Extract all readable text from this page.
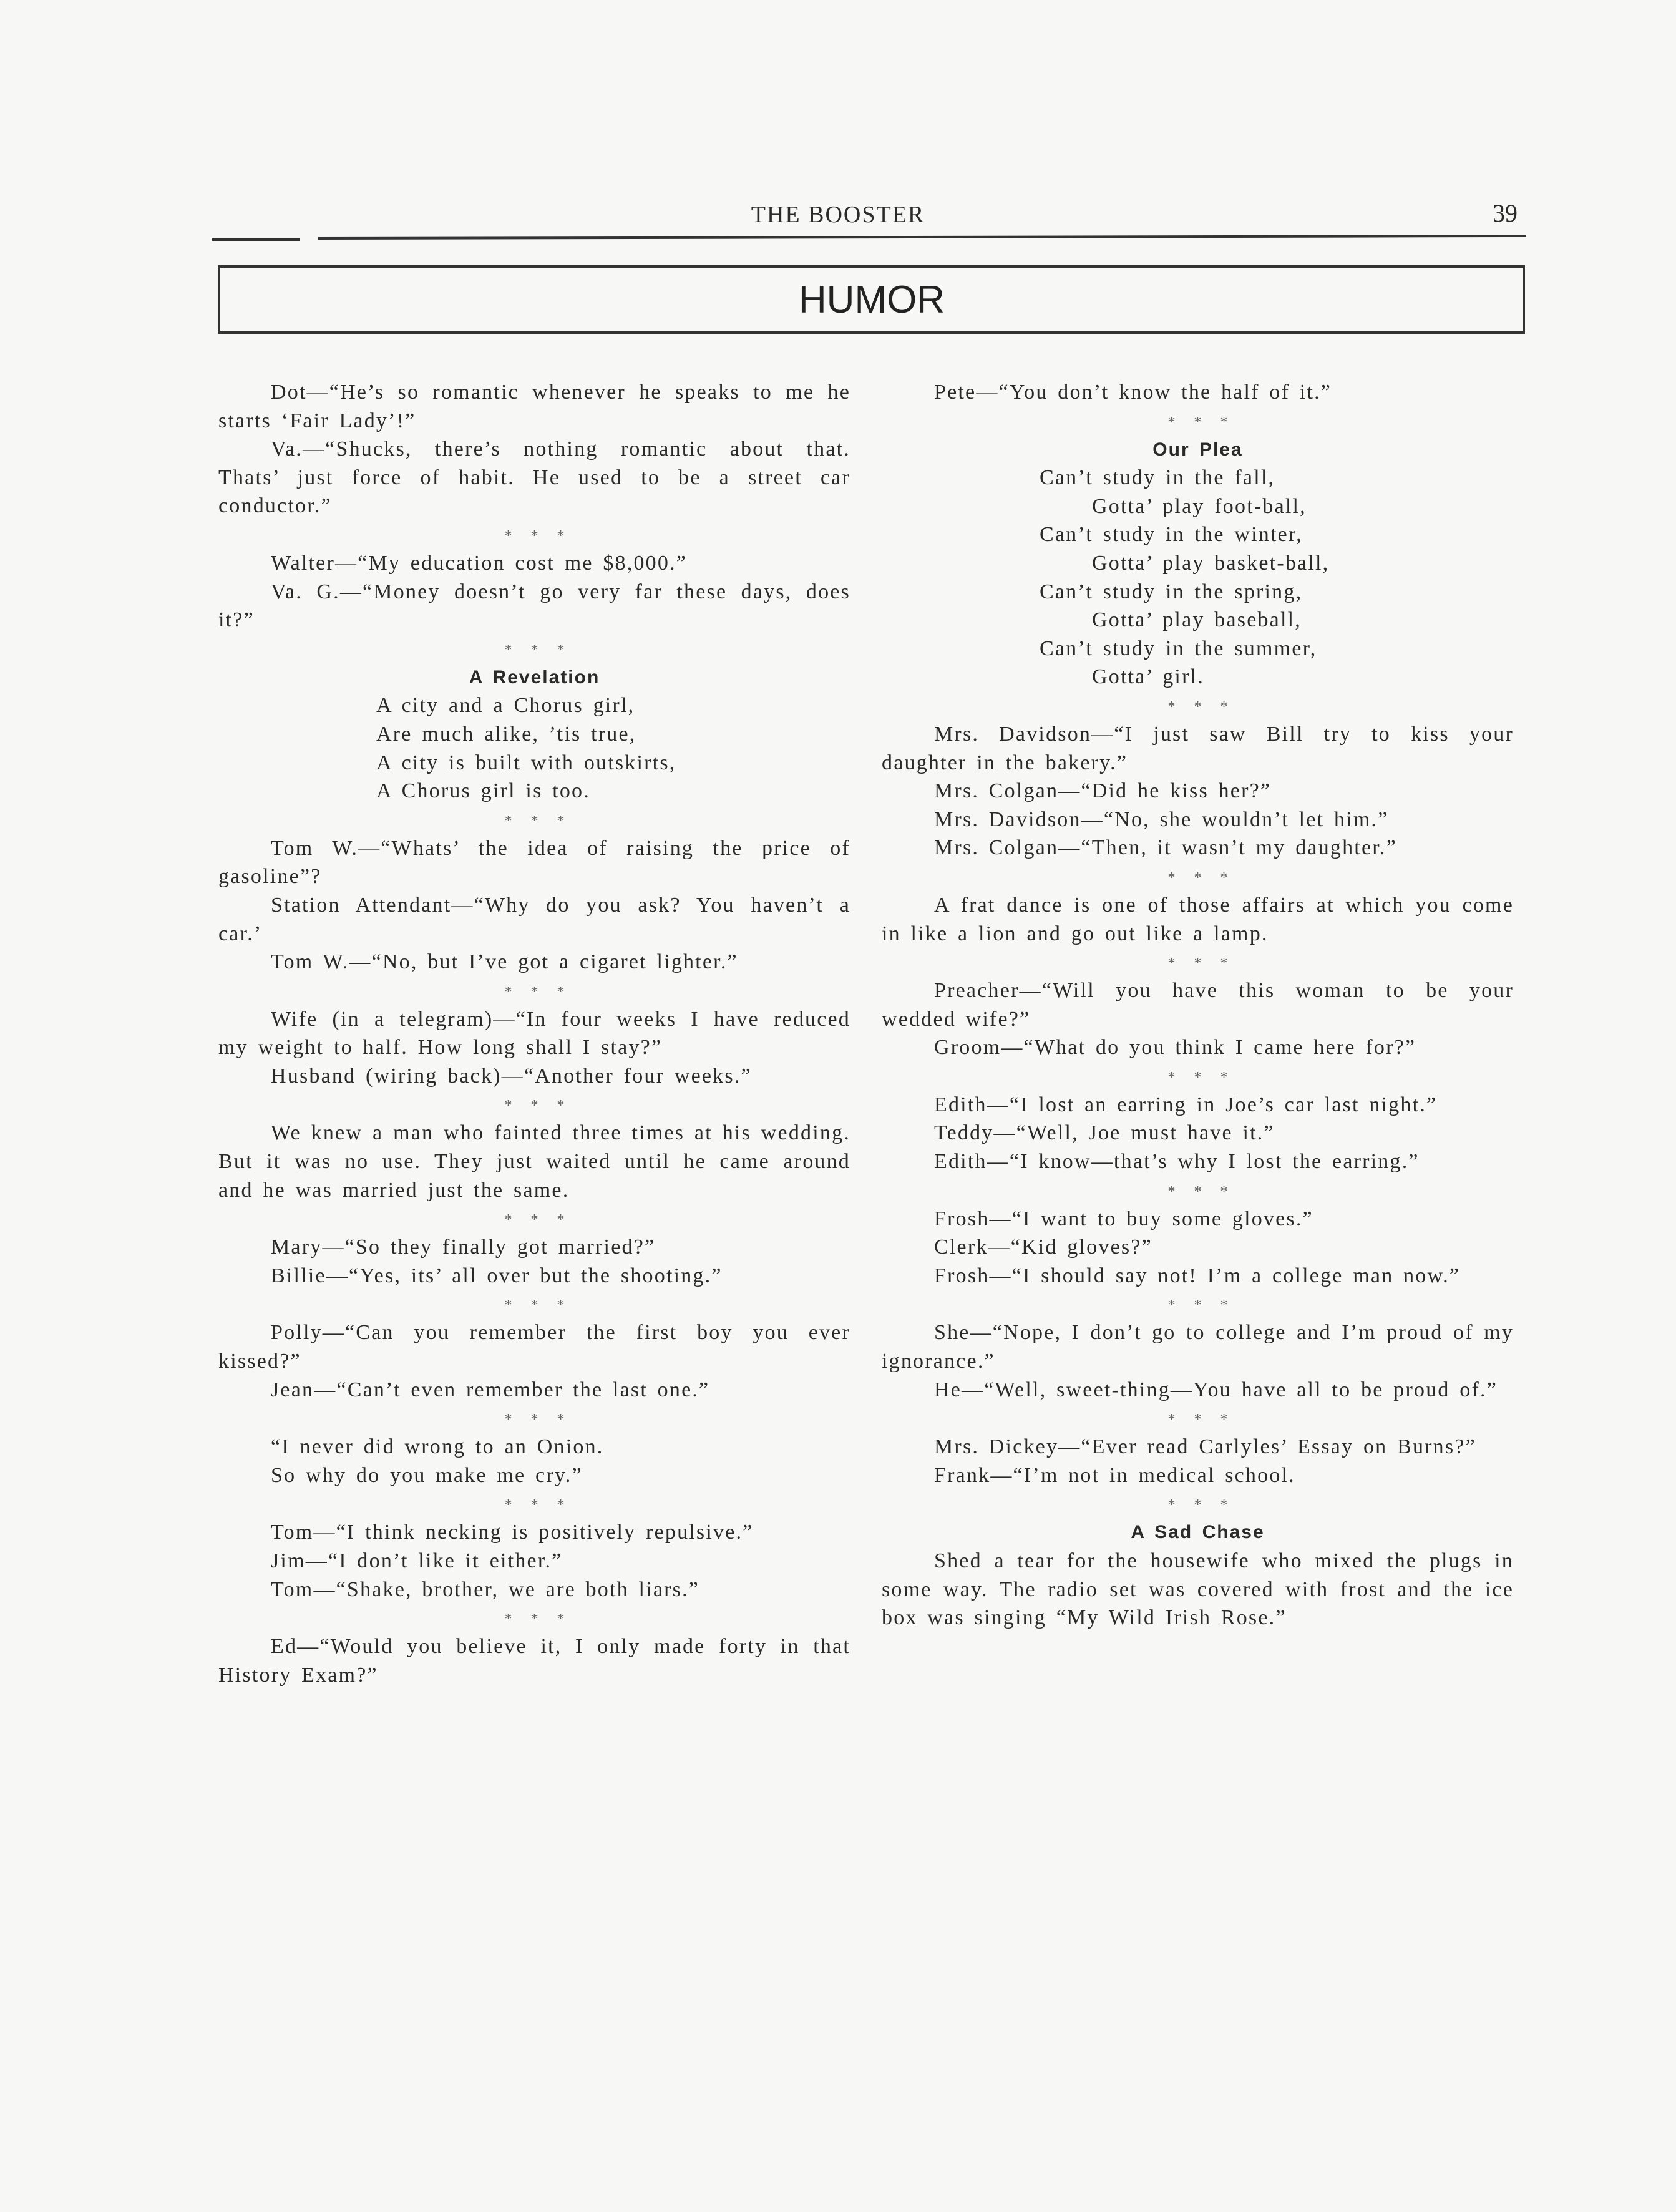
THE BOOSTER	39
HUMOR

Dot—“He’s so romantic whenever he speaks to me he starts ‘Fair Lady’!”

Va.—“Shucks, there’s nothing romantic about that. Thats’ just force of habit. He used to be a street car conductor.”

* * *

Walter—“My education cost me $8,000.”

Va. G.—“Money doesn’t go very far these days, does it?”

* * *
A Revelation
A city and a Chorus girl,
Are much alike, ’tis true,
A city is built with outskirts,
A Chorus girl is too.
* * *

Tom W.—“Whats’ the idea of raising the price of gasoline”?

Station Attendant—“Why do you ask? You haven’t a car.’

Tom W.—“No, but I’ve got a cigaret lighter.”

* * *

Wife (in a telegram)—“In four weeks I have reduced my weight to half. How long shall I stay?”

Husband (wiring back)—“Another four weeks.”

* * *

We knew a man who fainted three times at his wedding. But it was no use. They just waited until he came around and he was married just the same.

* * *

Mary—“So they finally got married?”

Billie—“Yes, its’ all over but the shooting.”

* * *

Polly—“Can you remember the first boy you ever kissed?”

Jean—“Can’t even remember the last one.”

* * *
“I never did wrong to an Onion.
So why do you make me cry.”
* * *

Tom—“I think necking is positively repulsive.”

Jim—“I don’t like it either.”

Tom—“Shake, brother, we are both liars.”

* * *

Ed—“Would you believe it, I only made forty in that History Exam?”

Pete—“You don’t know the half of it.”

* * *
Our Plea
Can’t study in the fall,
Gotta’ play foot-ball,
Can’t study in the winter,
Gotta’ play basket-ball,
Can’t study in the spring,
Gotta’ play baseball,
Can’t study in the summer,
Gotta’ girl.
* * *

Mrs. Davidson—“I just saw Bill try to kiss your daughter in the bakery.”

Mrs. Colgan—“Did he kiss her?”

Mrs. Davidson—“No, she wouldn’t let him.”

Mrs. Colgan—“Then, it wasn’t my daughter.”

* * *

A frat dance is one of those affairs at which you come in like a lion and go out like a lamp.

* * *

Preacher—“Will you have this woman to be your wedded wife?”

Groom—“What do you think I came here for?”

* * *

Edith—“I lost an earring in Joe’s car last night.”

Teddy—“Well, Joe must have it.”

Edith—“I know—that’s why I lost the earring.”

* * *

Frosh—“I want to buy some gloves.”

Clerk—“Kid gloves?”

Frosh—“I should say not! I’m a college man now.”

* * *

She—“Nope, I don’t go to college and I’m proud of my ignorance.”

He—“Well, sweet-thing—You have all to be proud of.”

* * *

Mrs. Dickey—“Ever read Carlyles’ Essay on Burns?”

Frank—“I’m not in medical school.

* * *
A Sad Chase

Shed a tear for the housewife who mixed the plugs in some way. The radio set was covered with frost and the ice box was singing “My Wild Irish Rose.”
